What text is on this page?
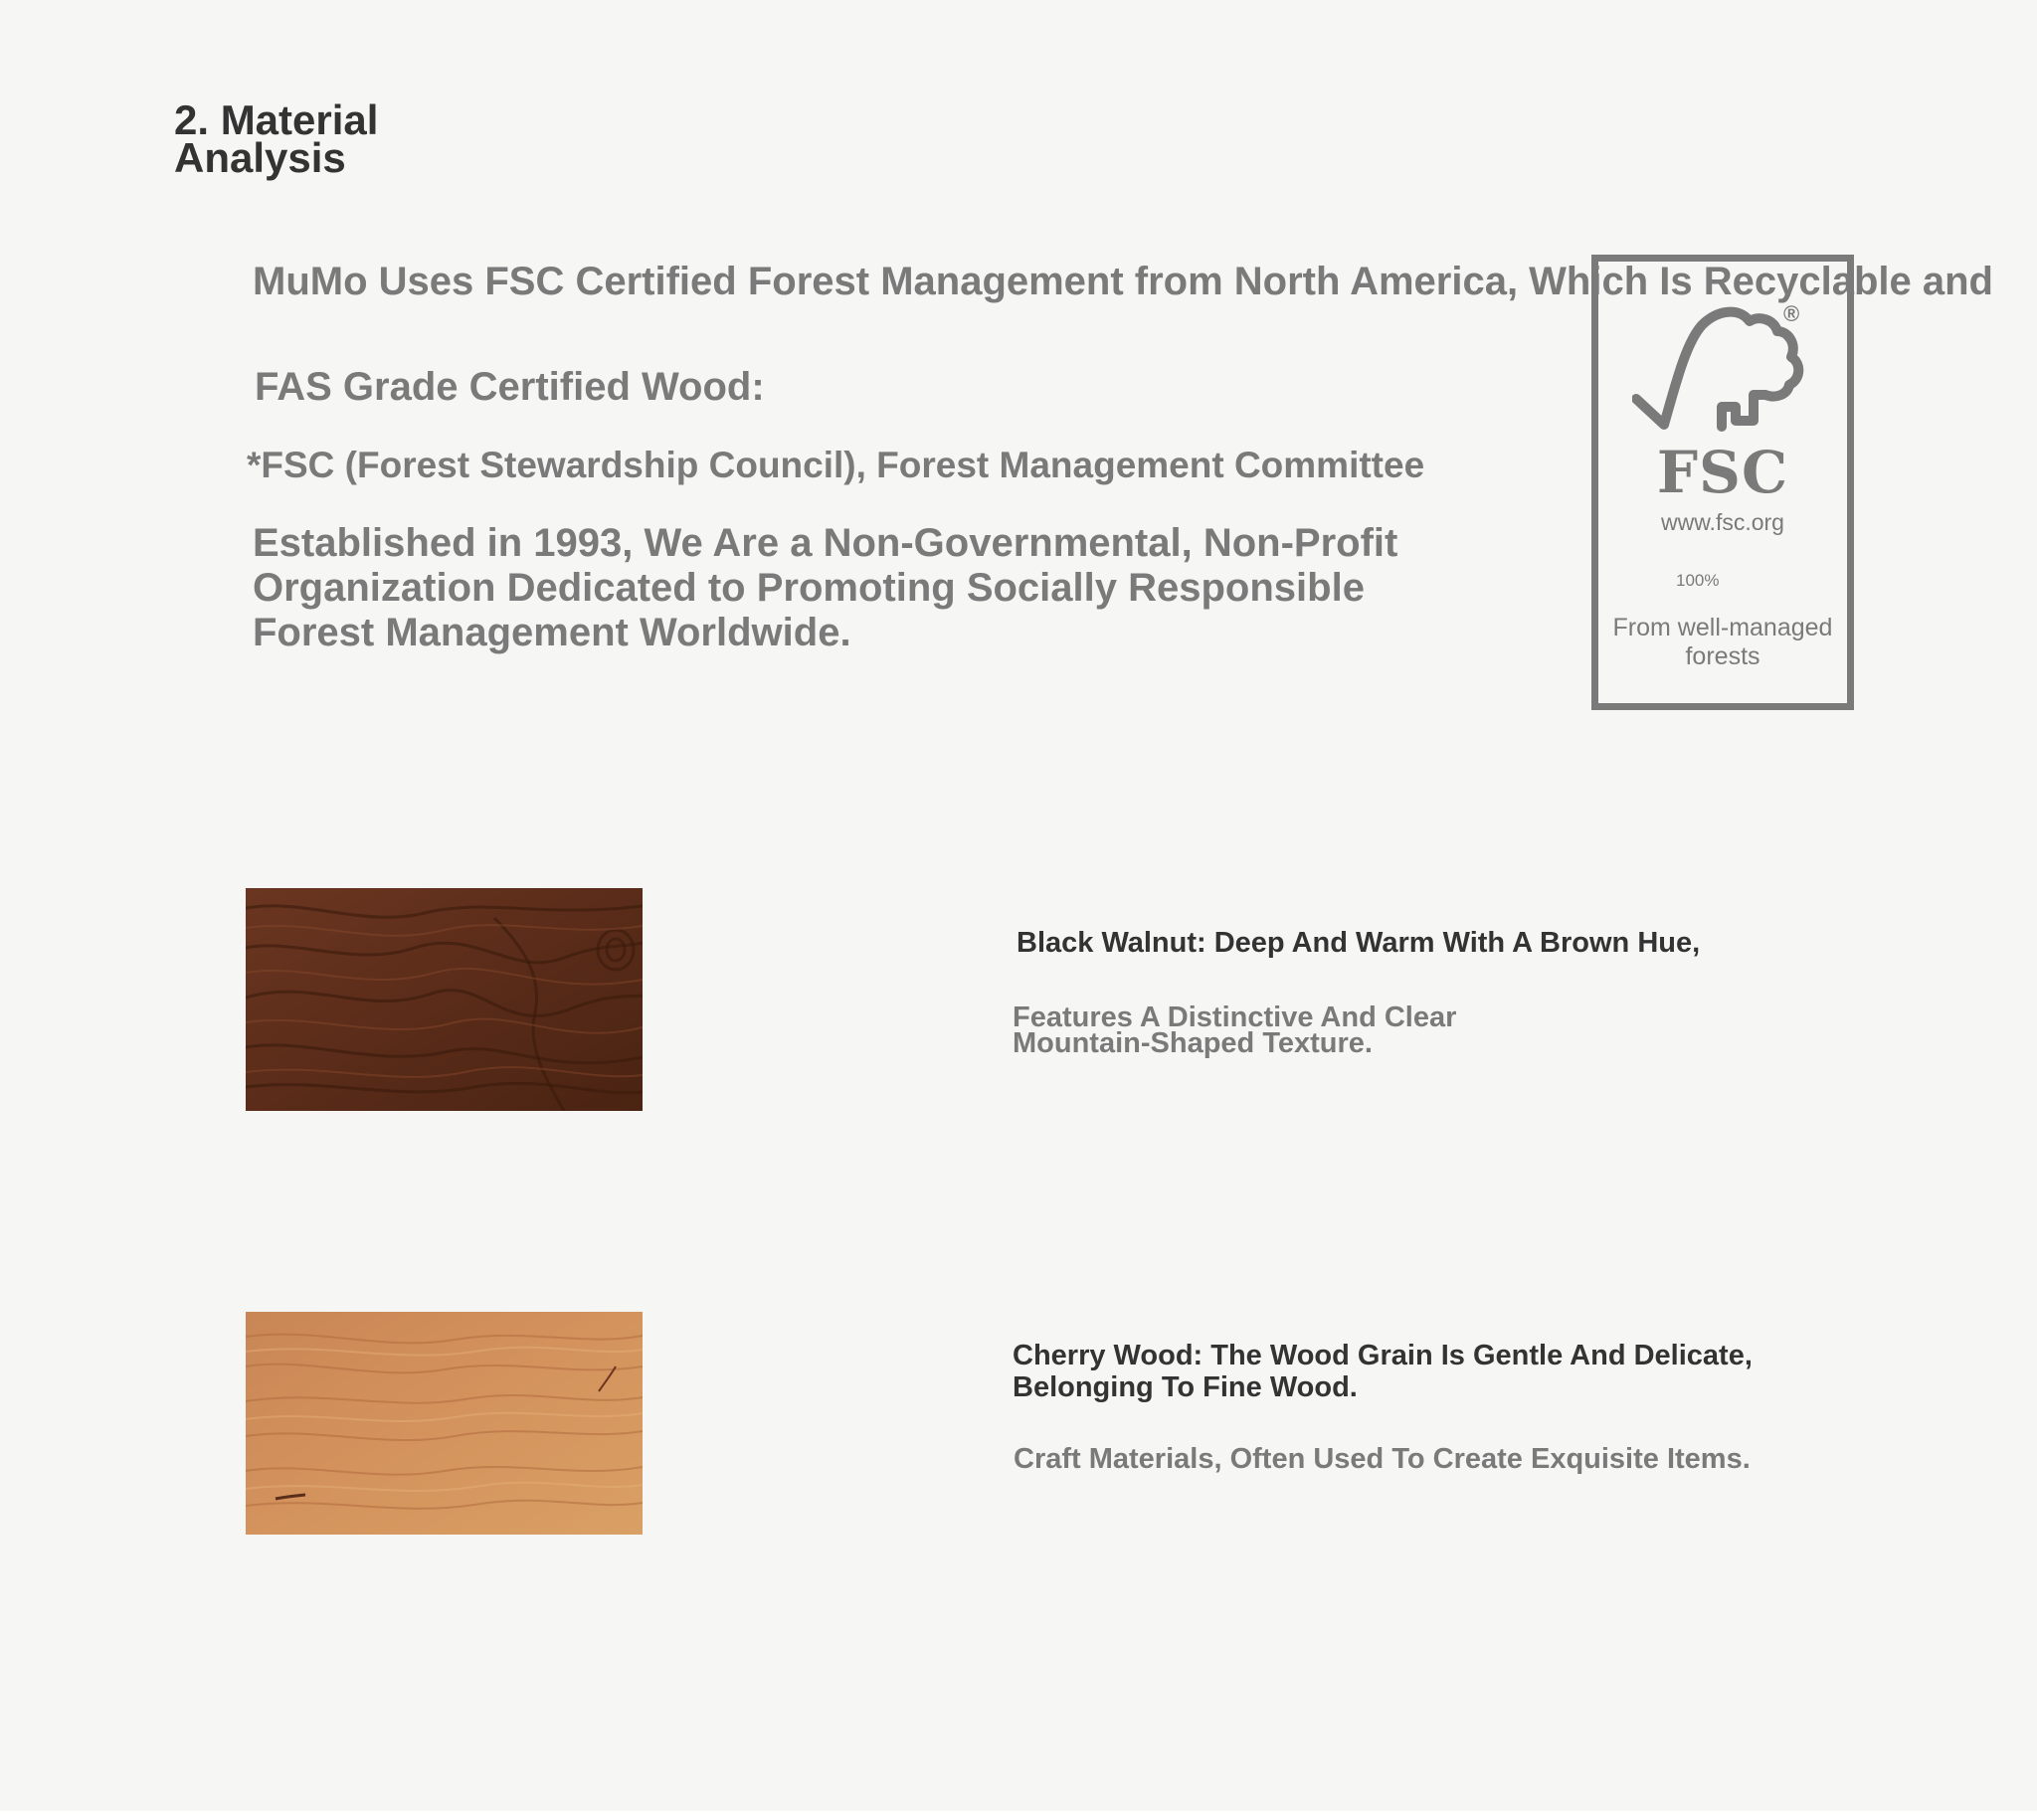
2. Material Analysis

MuMo Uses FSC Certified Forest Management from North America, Which Is Recyclable and

FAS Grade Certified Wood:

*FSC (Forest Stewardship Council), Forest Management Committee

Established in 1993, We Are a Non-Governmental, Non-Profit Organization Dedicated to Promoting Socially Responsible Forest Management Worldwide.

®
FSC
www.fsc.org
100%
From well-managed forests

Black Walnut: Deep And Warm With A Brown Hue,

Features A Distinctive And Clear Mountain-Shaped Texture.

Cherry Wood: The Wood Grain Is Gentle And Delicate, Belonging To Fine Wood.

Craft Materials, Often Used To Create Exquisite Items.
